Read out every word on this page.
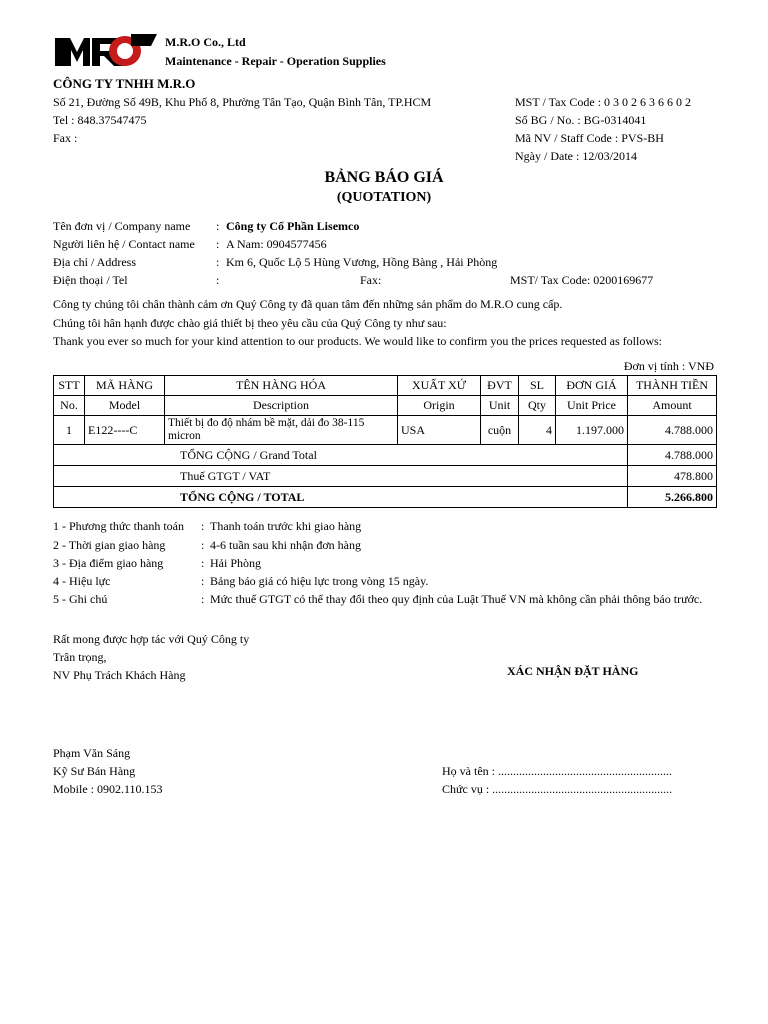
M.R.O Co., Ltd
Maintenance - Repair - Operation Supplies
CÔNG TY TNHH M.R.O
Số 21, Đường Số 49B, Khu Phố 8, Phường Tân Tạo, Quận Bình Tân, TP.HCM
Tel : 848.37547475
Fax :
MST / Tax Code : 0 3 0 2 6 3 6 6 0 2
Số BG / No. : BG-0314041
Mã NV / Staff Code : PVS-BH
Ngày / Date : 12/03/2014
BẢNG BÁO GIÁ
(QUOTATION)
Tên đơn vị / Company name : Công ty Cổ Phần Lisemco
Người liên hệ / Contact name : A Nam: 0904577456
Địa chỉ / Address	: Km 6, Quốc Lộ 5 Hùng Vương, Hồng Bàng , Hải Phòng
Điện thoại / Tel	:	Fax:	MST/ Tax Code: 0200169677
Công ty chúng tôi chân thành cảm ơn Quý Công ty đã quan tâm đến những sản phẩm do M.R.O cung cấp.
Chúng tôi hân hạnh được chào giá thiết bị theo yêu cầu của Quý Công ty như sau:
Thank you ever so much for your kind attention to our products. We would like to confirm you the prices requested as follows:
Đơn vị tính : VNĐ
STT	MÃ HÀNG	TÊN HÀNG HÓA	XUẤT XỨ	ĐVT	SL	ĐƠN GIÁ	THÀNH TIỀN
No.	Model	Description	Origin	Unit	Qty	Unit Price	Amount
1	E122----C	Thiết bị đo độ nhám bề mặt, dải đo 38-115 micron	USA	cuộn	4	1.197.000	4.788.000
TỔNG CỘNG / Grand Total							4.788.000
Thuế GTGT / VAT							478.800
TỔNG CỘNG / TOTAL							5.266.800
1 - Phương thức thanh toán : Thanh toán trước khi giao hàng
2 - Thời gian giao hàng	: 4-6 tuần sau khi nhận đơn hàng
3 - Địa điểm giao hàng	: Hải Phòng
4 - Hiệu lực	: Bảng báo giá có hiệu lực trong vòng 15 ngày.
5 - Ghi chú	: Mức thuế GTGT có thể thay đổi theo quy định của Luật Thuế VN mà không cần phải thông báo trước.
Rất mong được hợp tác với Quý Công ty
Trân trọng,
NV Phụ Trách Khách Hàng	XÁC NHẬN ĐẶT HÀNG
Phạm Văn Sáng
Kỹ Sư Bán Hàng
Mobile : 0902.110.153
Họ và tên : ..........................................................
Chức vụ : ............................................................
